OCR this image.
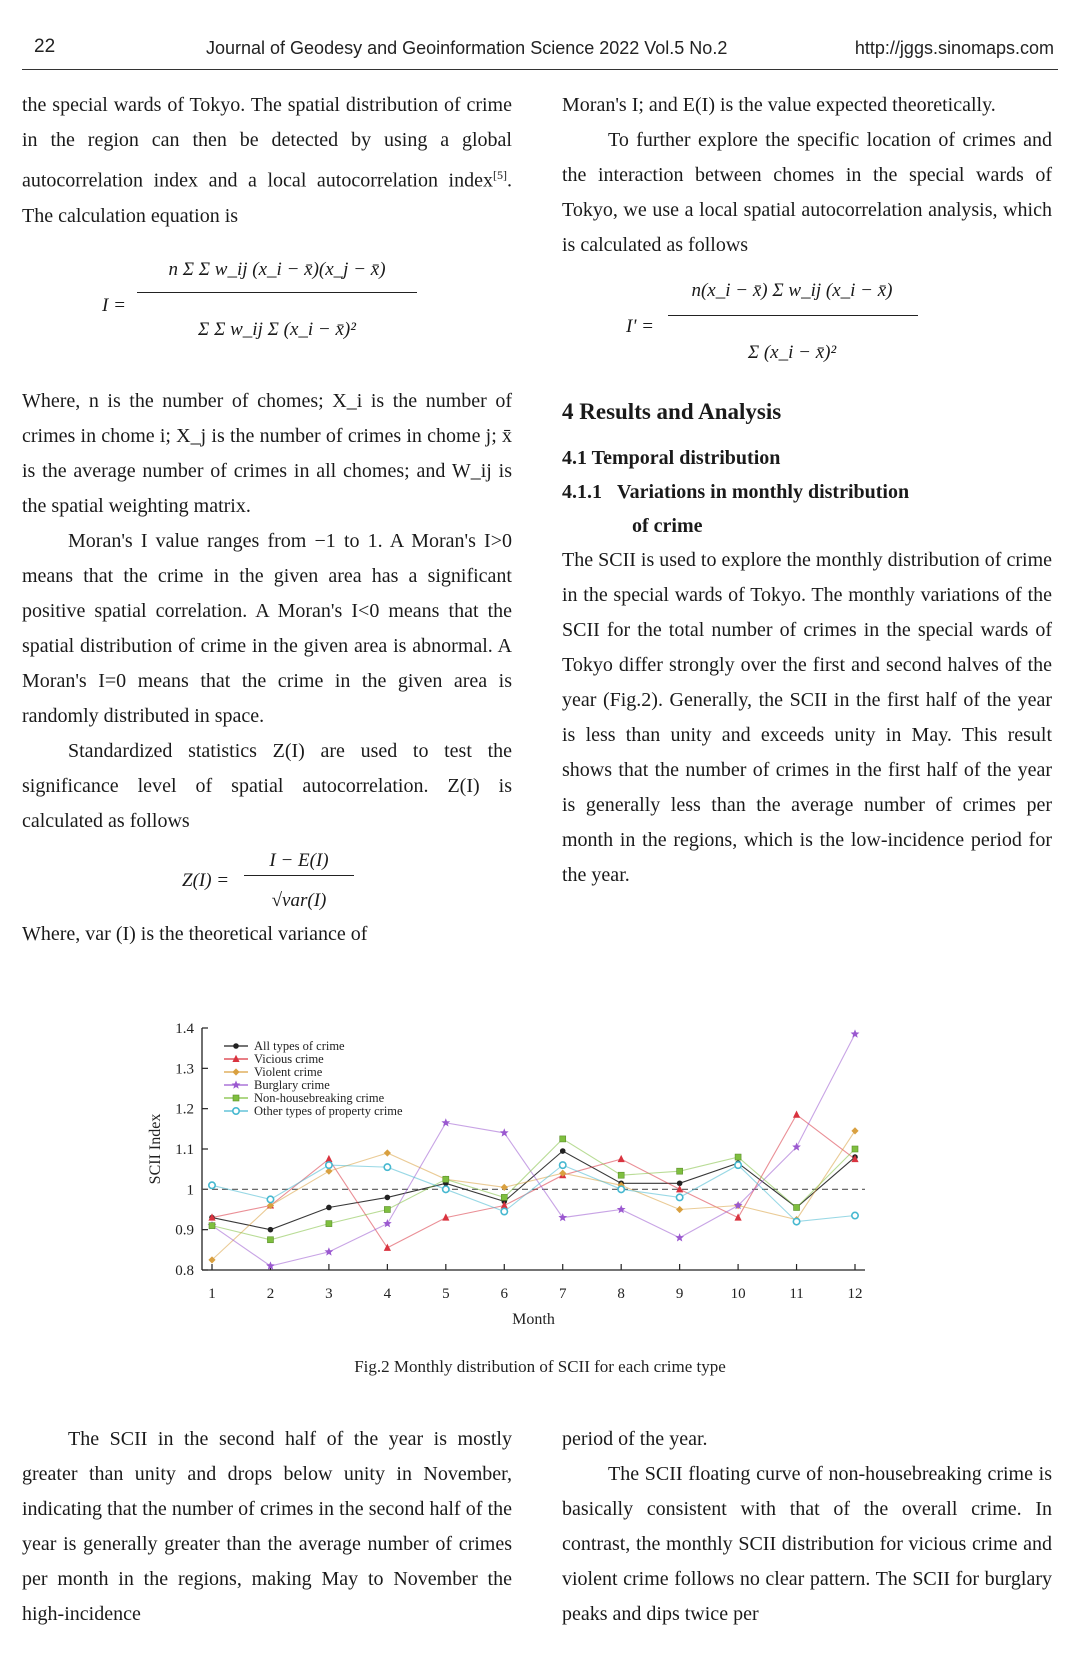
22	Journal of Geodesy and Geoinformation Science 2022 Vol.5 No.2	http://jggs.sinomaps.com

the special wards of Tokyo. The spatial distribution of crime in the region can then be detected by using a global autocorrelation index and a local autocorrelation index[5]. The calculation equation is

I =
n Σ Σ w_ij (x_i − x̄)(x_j − x̄)
Σ Σ w_ij Σ (x_i − x̄)²

Where, n is the number of chomes; X_i is the number of crimes in chome i; X_j is the number of crimes in chome j; x̄ is the average number of crimes in all chomes; and W_ij is the spatial weighting matrix.

Moran's I value ranges from −1 to 1. A Moran's I>0 means that the crime in the given area has a significant positive spatial correlation. A Moran's I<0 means that the spatial distribution of crime in the given area is abnormal. A Moran's I=0 means that the crime in the given area is randomly distributed in space.

Standardized statistics Z(I) are used to test the significance level of spatial autocorrelation. Z(I) is calculated as follows

Z(I) =
I − E(I)
√var(I)

Where, var (I) is the theoretical variance of

Moran's I; and E(I) is the value expected theoretically.

To further explore the specific location of crimes and the interaction between chomes in the special wards of Tokyo, we use a local spatial autocorrelation analysis, which is calculated as follows

I' =
n(x_i − x̄) Σ w_ij (x_i − x̄)
Σ (x_i − x̄)²
4 Results and Analysis
4.1 Temporal distribution
4.1.1 Variations in monthly distribution
of crime

The SCII is used to explore the monthly distribution of crime in the special wards of Tokyo. The monthly variations of the SCII for the total number of crimes in the special wards of Tokyo differ strongly over the first and second halves of the year (Fig.2). Generally, the SCII in the first half of the year is less than unity and exceeds unity in May. This result shows that the number of crimes in the first half of the year is generally less than the average number of crimes per month in the regions, which is the low-incidence period for the year.

0.8
0.9
1
1.1
1.2
1.3
1.4
1	2	3	4	5	6	7	8	9	10	11	12
Month
SCII Index
All types of crime
Vicious crime
Violent crime
Burglary crime
Non-housebreaking crime
Other types of property crime
Fig.2 Monthly distribution of SCII for each crime type

The SCII in the second half of the year is mostly greater than unity and drops below unity in November, indicating that the number of crimes in the second half of the year is generally greater than the average number of crimes per month in the regions, making May to November the high-incidence

period of the year.

The SCII floating curve of non-housebreaking crime is basically consistent with that of the overall crime. In contrast, the monthly SCII distribution for vicious crime and violent crime follows no clear pattern. The SCII for burglary peaks and dips twice per
